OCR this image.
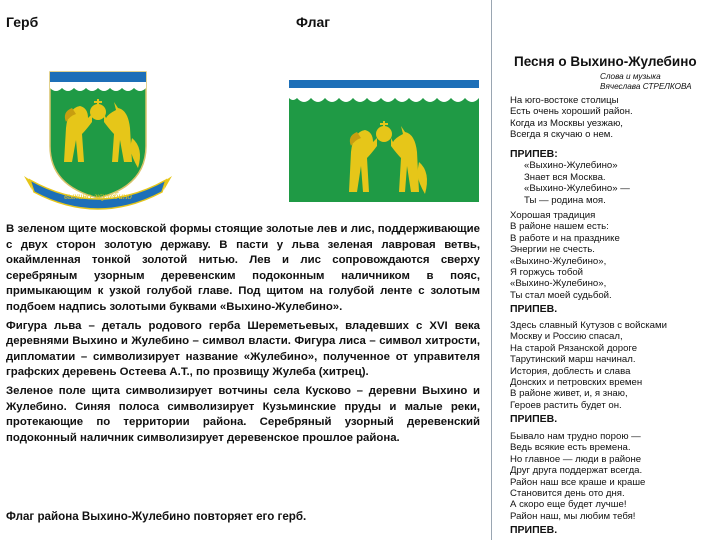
Герб	Флаг
выхино жулебино

В зеленом щите московской формы стоящие золотые лев и лис, поддерживающие с двух сторон золотую державу. В пасти у льва зеленая лавровая ветвь, окаймленная тонкой золотой нитью. Лев и лис сопровождаются сверху серебряным узорным деревенским подоконным наличником в пояс, примыкающим к узкой голубой главе. Под щитом на голубой ленте с золотым подбоем надпись золотыми буквами «Выхино-Жулебино».

Фигура льва – деталь родового герба Шереметьевых, владевших с XVI века деревнями Выхино и Жулебино – символ власти. Фигура лиса – символ хитрости, дипломатии – символизирует название «Жулебино», полученное от управителя графских деревень Остеева А.Т., по прозвищу Жулеба (хитрец).

Зеленое поле щита символизирует вотчины села Кусково – деревни Выхино и Жулебино. Синяя полоса символизирует Кузьминские пруды и малые реки, протекающие по территории района. Серебряный узорный деревенский подоконный наличник символизирует деревенское прошлое района.

Флаг района Выхино-Жулебино повторяет его герб.
Песня о Выхино-Жулебино
Слова и музыка
Вячеслава СТРЕЛКОВА
На юго-востоке столицы
Есть очень хороший район.
Когда из Москвы уезжаю,
Всегда я скучаю о нем.
ПРИПЕВ:
«Выхино-Жулебино»
Знает вся Москва.
«Выхино-Жулебино» —
Ты — родина моя.
Хорошая традиция
В районе нашем есть:
В работе и на празднике
Энергии не счесть.
«Выхино-Жулебино»,
Я горжусь тобой
«Выхино-Жулебино»,
Ты стал моей судьбой.
ПРИПЕВ.
Здесь славный Кутузов с войсками
Москву и Россию спасал,
На старой Рязанской дороге
Тарутинский марш начинал.
История, доблесть и слава
Донских и петровских времен
В районе живет, и, я знаю,
Героев растить будет он.
ПРИПЕВ.
Бывало нам трудно порою —
Ведь всякие есть времена.
Но главное — люди в районе
Друг друга поддержат всегда.
Район наш все краше и краше
Становится день ото дня.
А скоро еще будет лучше!
Район наш, мы любим тебя!
ПРИПЕВ.
